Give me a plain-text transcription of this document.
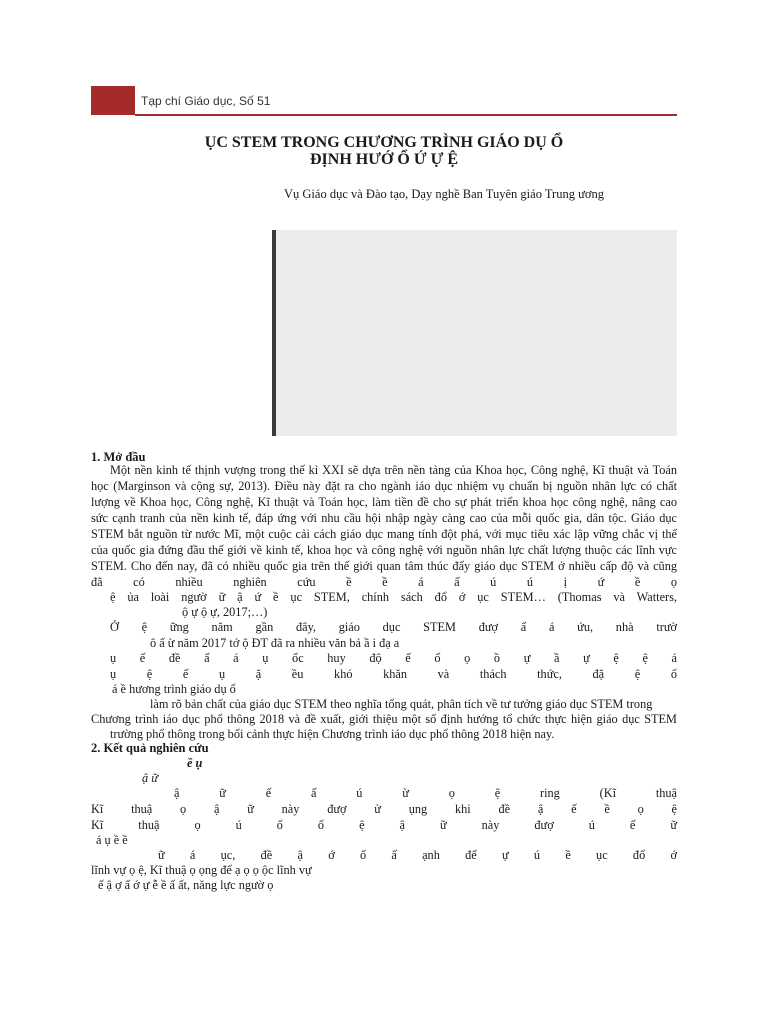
Tạp chí Giáo dục, Số 51
ỤC STEM TRONG CHƯƠNG TRÌNH GIÁO DỤ Ổ
ĐỊNH HƯỚ Ổ Ứ Ự Ệ
Vụ Giáo dục và Đào tạo, Dạy nghề Ban Tuyên giáo Trung ương
1. Mở đầu
Một nền kinh tế thịnh vượng trong thế kỉ XXI sẽ dựa trên nền tảng của Khoa học, Công nghệ, Kĩ thuật và Toán
học (Marginson và cộng sự, 2013). Điều này đặt ra cho ngành iáo dục nhiệm vụ chuẩn bị nguồn nhân lực có chất
lượng về Khoa học, Công nghệ, Kĩ thuật và Toán học, làm tiền đề cho sự phát triển khoa học công nghệ, nâng cao
sức cạnh tranh của nền kinh tế, đáp ứng với nhu cầu hội nhập ngày càng cao của mỗi quốc gia, dân tộc. Giáo dục
STEM bắt nguồn từ nước Mĩ, một cuộc cải cách giáo dục mang tính đột phá, với mục tiêu xác lập vững chắc vị thế
của quốc gia đứng đầu thế giới về kinh tế, khoa học và công nghệ với nguồn nhân lực chất lượng thuộc các lĩnh vực
STEM. Cho đến nay, đã có nhiều quốc gia trên thế giới quan tâm thúc đẩy giáo dục STEM ở nhiều cấp độ và cũng
đã có nhiều nghiên cứu ề ề á ấ ú ú ị ứ ề ọ
ệ ủa loài ngườ ữ ậ ứ ề ục STEM, chính sách đổ ớ ục STEM… (Thomas và Watters,
ộ ự ộ ự, 2017;…)
Ở ệ ững năm gần đây, giáo dục STEM đượ ấ á ứu, nhà trườ
ô ấ ừ năm 2017 tớ ộ ĐT đã ra nhiều văn bả ầ i đạ a
ụ ế đề ấ á ụ ốc huy độ ế ố ọ ồ ự ầ ự ệ ệ á
ụ ệ ế ụ ặ ều khó khăn và thách thức, đặ ệ ổ
á ề hương trình giáo dụ ổ
làm rõ bản chất của giáo dục STEM theo nghĩa tổng quát, phân tích về tư tưởng giáo dục STEM trong
Chương trình iáo dục phổ thông 2018 và đề xuất, giới thiệu một số định hướng tổ chức thực hiện giáo dục STEM
trường phổ thông trong bối cảnh thực hiện Chương trình iáo dục phổ thông 2018 hiện nay.
2. Kết quả nghiên cứu
ề ụ
ậ ữ
ậ ữ ế ấ ú ừ ọ ệ ring (Kĩ thuậ
Kĩ thuậ ọ ậ ữ này đượ ử ụng khi đề ậ ế ề ọ ệ
Kĩ thuậ ọ ú ổ ổ ệ ậ ữ này đượ ú ế ữ
á ụ ề ề
ữ á ục, đề ậ ớ ố ấ ạnh đế ự ú ề ục đổ ớ
lĩnh vự ọ ệ, Kĩ thuậ ọ ọng để ạ ọ ọ ộc lĩnh vự
ế ậ ợ ấ ớ ự ễ ề ấ ất, năng lực ngườ ọ
